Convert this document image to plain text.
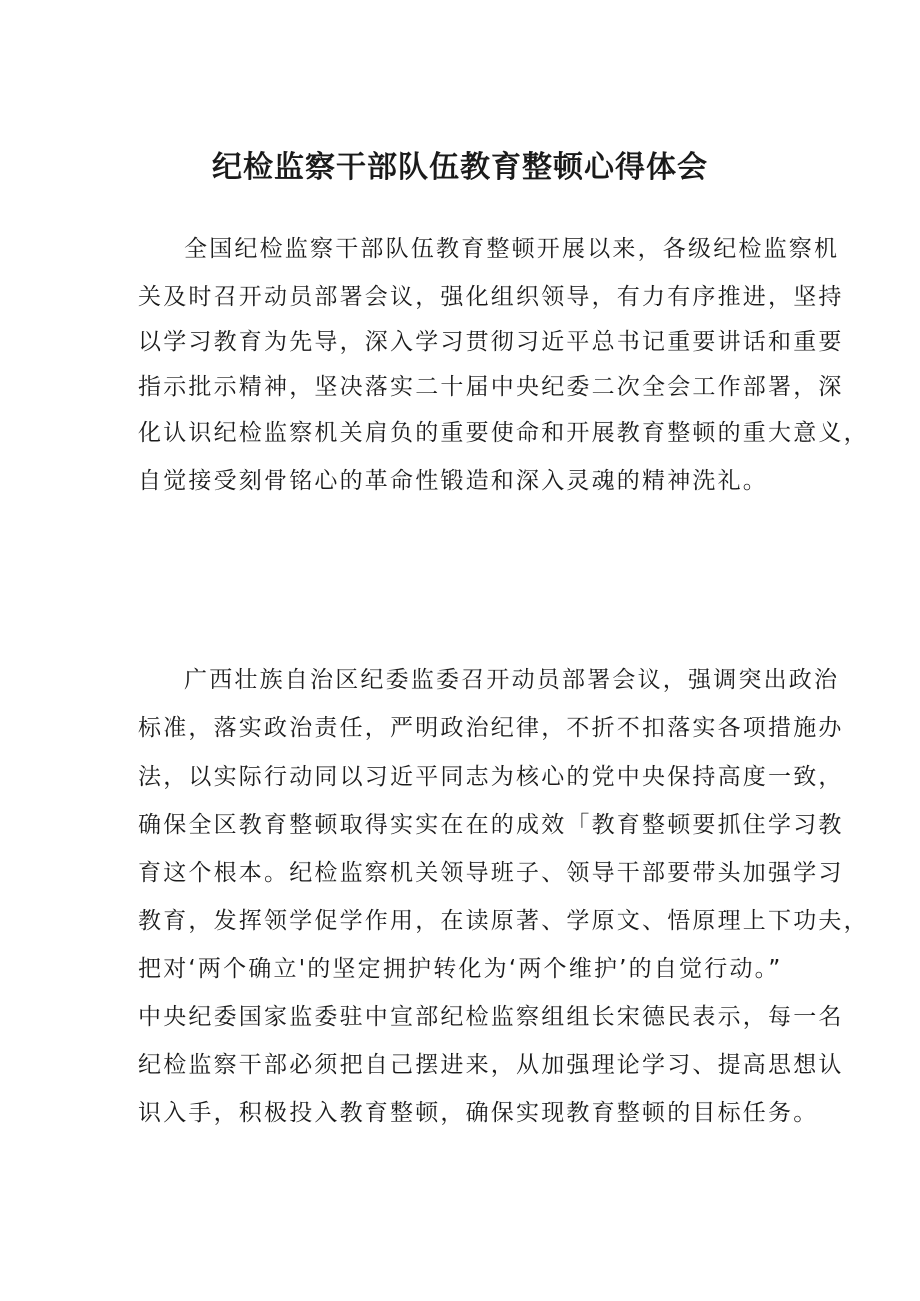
纪检监察干部队伍教育整顿心得体会
全国纪检监察干部队伍教育整顿开展以来，各级纪检监察机
关及时召开动员部署会议，强化组织领导，有力有序推进，坚持
以学习教育为先导，深入学习贯彻习近平总书记重要讲话和重要
指示批示精神，坚决落实二十届中央纪委二次全会工作部署，深
化认识纪检监察机关肩负的重要使命和开展教育整顿的重大意义，
自觉接受刻骨铭心的革命性锻造和深入灵魂的精神洗礼。
广西壮族自治区纪委监委召开动员部署会议，强调突出政治
标准，落实政治责任，严明政治纪律，不折不扣落实各项措施办
法，以实际行动同以习近平同志为核心的党中央保持高度一致，
确保全区教育整顿取得实实在在的成效「教育整顿要抓住学习教
育这个根本。纪检监察机关领导班子、领导干部要带头加强学习
教育，发挥领学促学作用，在读原著、学原文、悟原理上下功夫，
把对‘两个确立'的坚定拥护转化为‘两个维护’的自觉行动。”
中央纪委国家监委驻中宣部纪检监察组组长宋德民表示，每一名
纪检监察干部必须把自己摆进来，从加强理论学习、提高思想认
识入手，积极投入教育整顿，确保实现教育整顿的目标任务。
